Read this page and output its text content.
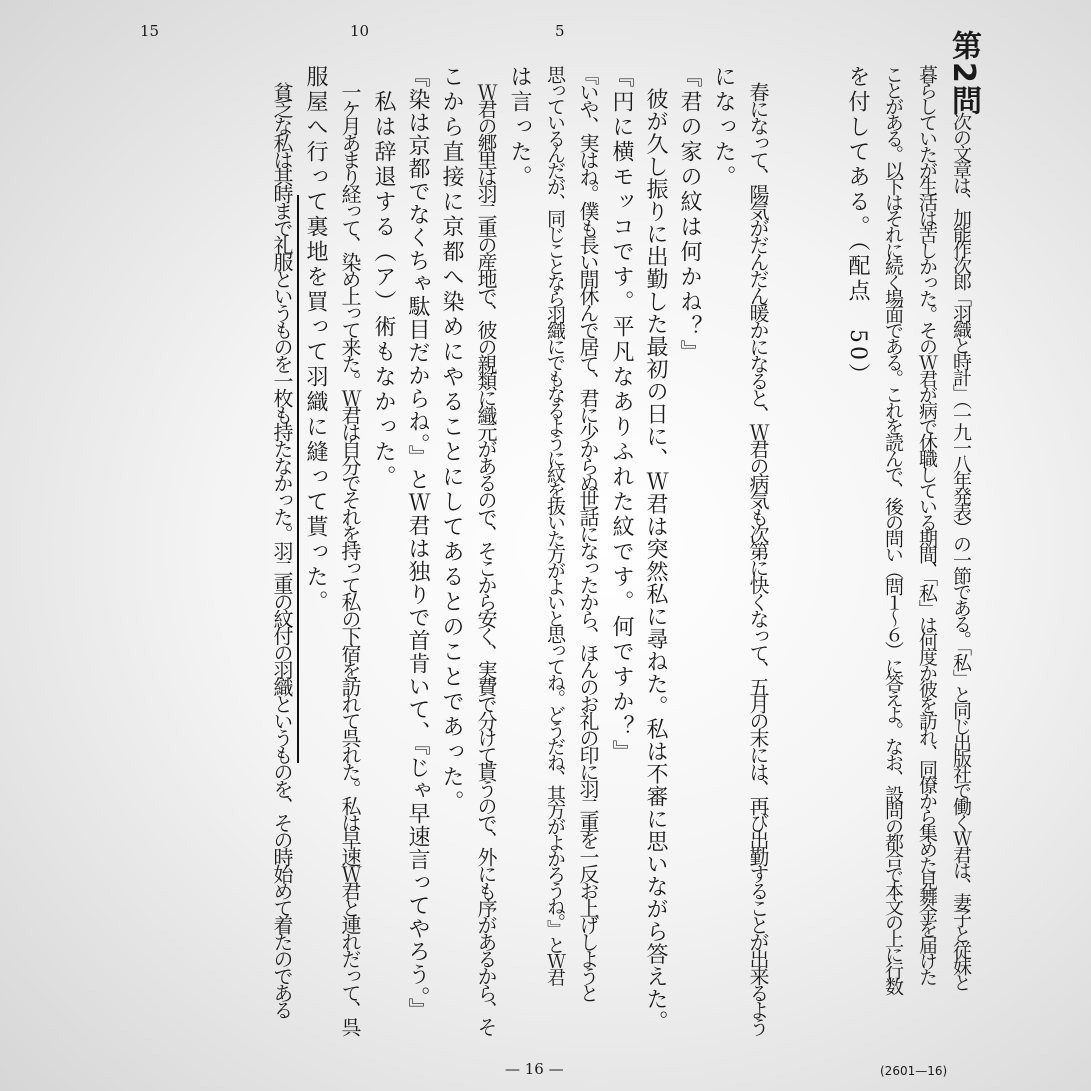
第2問
5
10
15
次の文章は、加能作次郎「羽織と時計」（一九一八年発表）の一節である。「私」と同じ出版社で働くＷ君は、妻子と従妹と
暮らしていたが生活は苦しかった。そのＷ君が病で休職している期間、「私」は何度か彼を訪れ、同僚から集めた見舞金を届けた
ことがある。以下はそれに続く場面である。これを読んで、後の問い（問１～６）に答えよ。なお、設問の都合で本文の上に行数
を付してある。（配点　50）
　春になって、陽気がだんだん暖かになると、Ｗ君の病気も次第に快くなって、五月の末には、再び出勤することが出来るよう
になった。
『君の家の紋は何かね？』
　彼が久し振りに出勤した最初の日に、Ｗ君は突然私に尋ねた。私は不審に思いながら答えた。
『円に横モッコです。平凡なありふれた紋です。何ですか？』
『いや、実はね。僕も長い間休んで居て、君に少からぬ世話になったから、ほんのお礼の印に羽二重を一反お上げしようと
思っているんだが、同じことなら羽織にでもなるように紋を抜いた方がよいと思ってね。どうだね、其方がよかろうね。』とＷ君
は言った。
　Ｗ君の郷里は羽二重の産地で、彼の親類に織元があるので、そこから安く、実費で分けて貰うので、外にも序があるから、そ
こから直接に京都へ染めにやることにしてあるとのことであった。
『染は京都でなくちゃ駄目だからね。』とＷ君は独りで首肯いて、『じゃ早速言ってやろう。』
　私は辞退する（ア）術もなかった。
　一ケ月あまり経って、染め上って来た。Ｗ君は自分でそれを持って私の下宿を訪れて呉れた。私は早速Ｗ君と連れだって、呉
服屋へ行って裏地を買って羽織に縫って貰った。
　貧乏な私は其時まで礼服というものを一枚も持たなかった。羽二重の紋付の羽織というものを、その時始めて着たのである
— 16 —	(2601—16)
